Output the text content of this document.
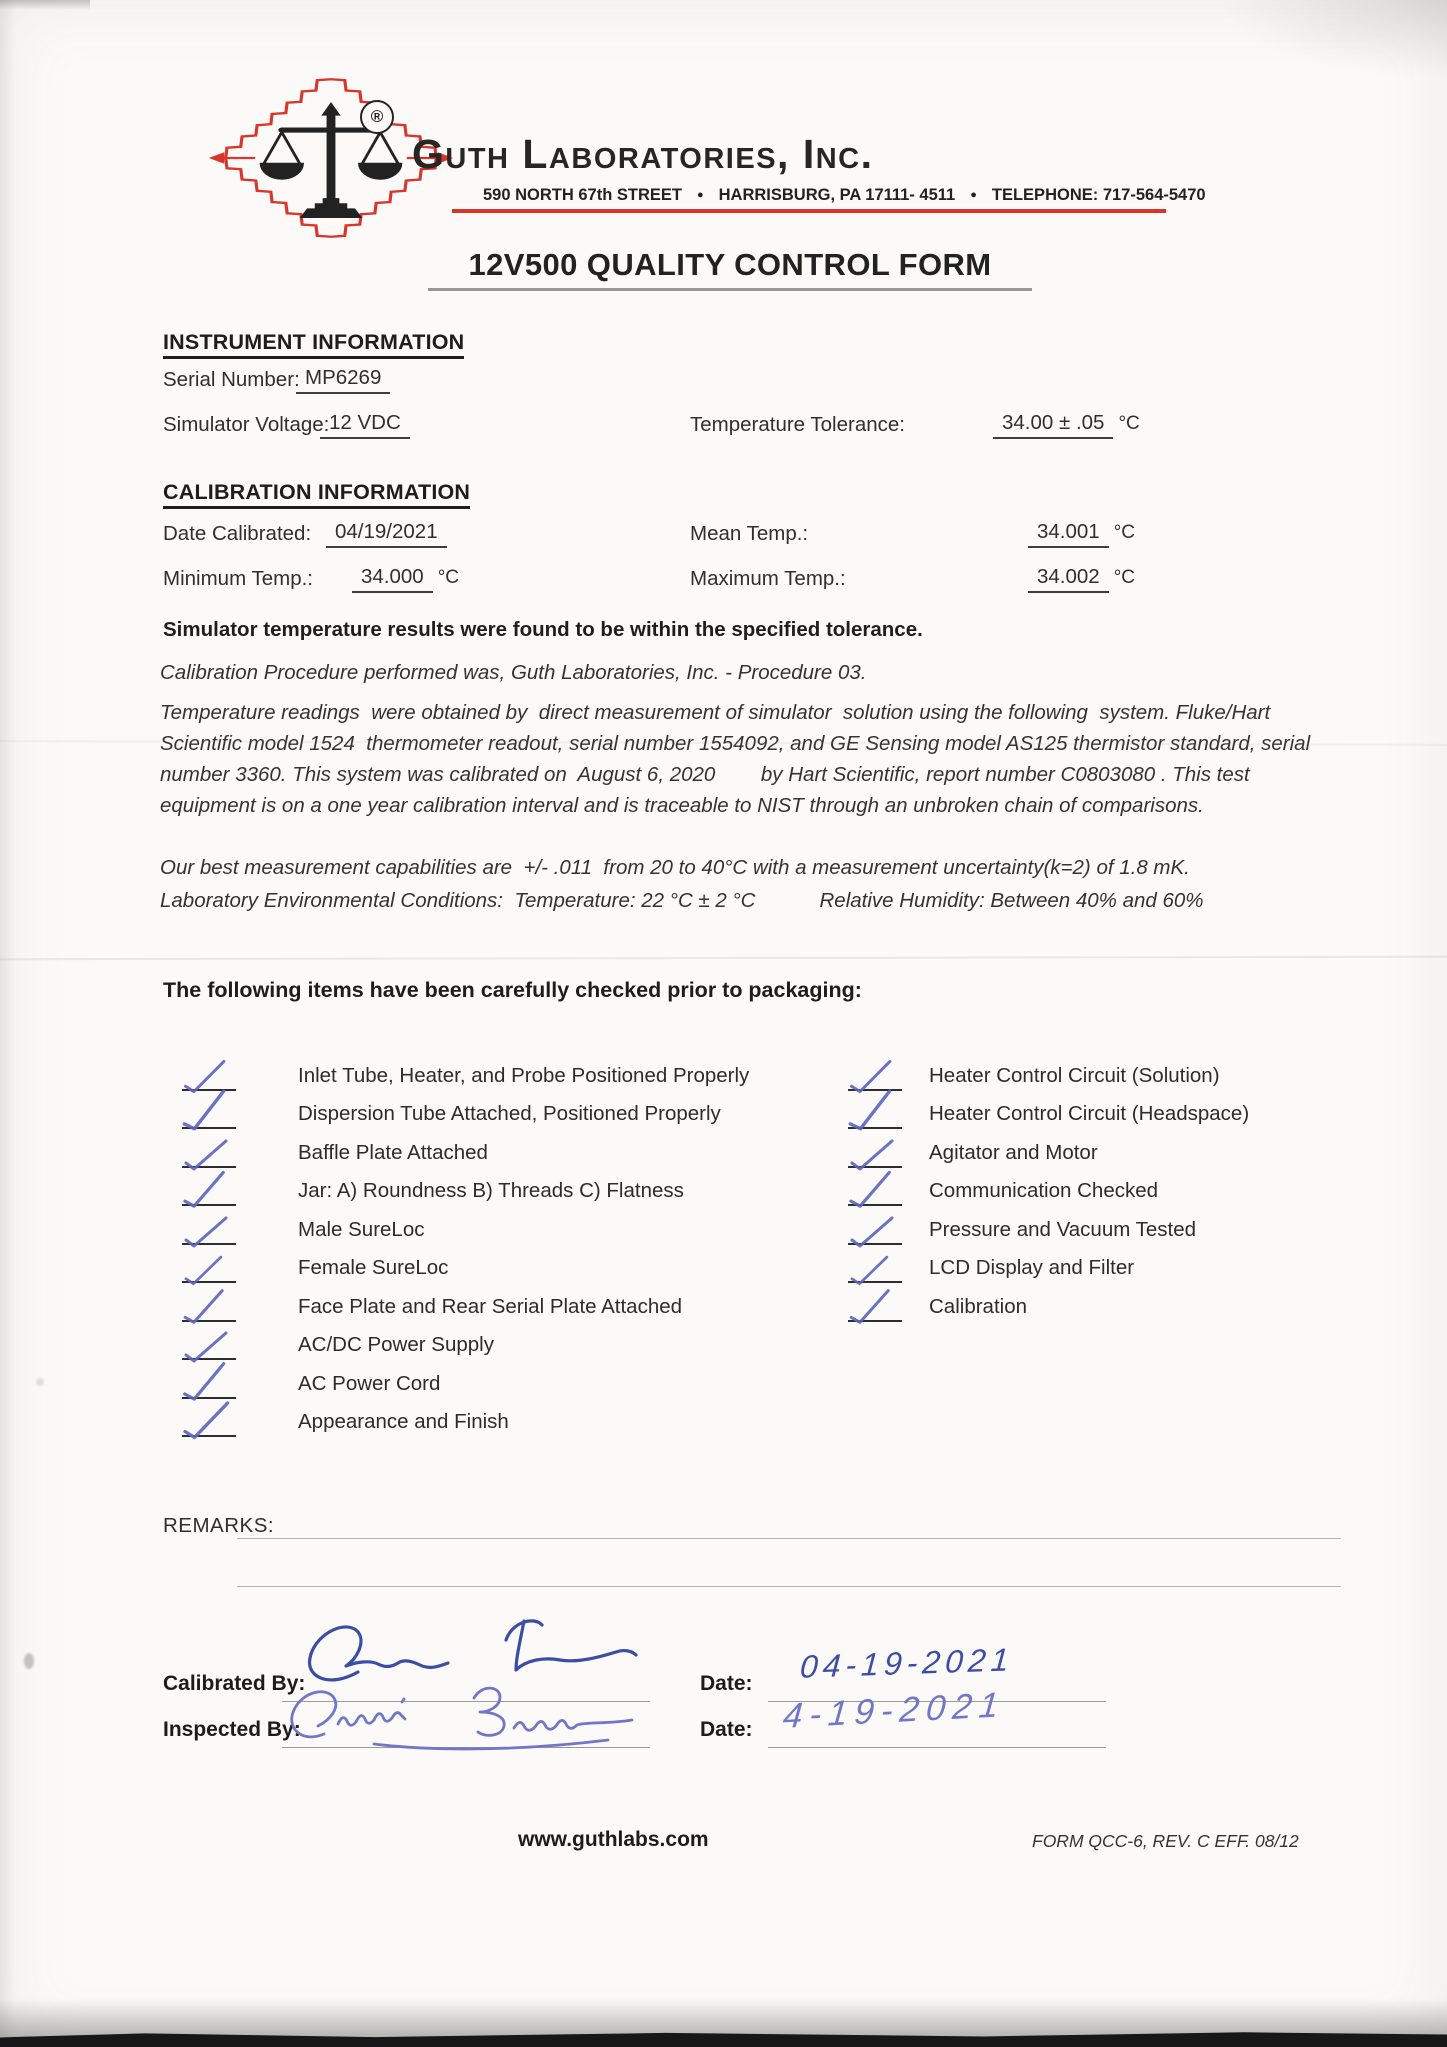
®
Guth Laboratories, Inc.
590 NORTH 67th STREET ● HARRISBURG, PA 17111- 4511 ● TELEPHONE: 717-564-5470
12V500 QUALITY CONTROL FORM
INSTRUMENT INFORMATION
Serial Number: MP6269
Simulator Voltage: 12 VDC	Temperature Tolerance:	34.00 ± .05 °C
CALIBRATION INFORMATION
Date Calibrated:	04/19/2021	Mean Temp.:	34.001 °C
Minimum Temp.:	34.000 °C	Maximum Temp.:	34.002 °C
Simulator temperature results were found to be within the specified tolerance.
Calibration Procedure performed was, Guth Laboratories, Inc. - Procedure 03.
Temperature readings  were obtained by  direct measurement of simulator  solution using the following  system. Fluke/Hart Scientific model 1524  thermometer readout, serial number 1554092, and GE Sensing model AS125 thermistor standard, serial number 3360. This system was calibrated on  August 6, 2020        by Hart Scientific, report number C0803080 . This test equipment is on a one year calibration interval and is traceable to NIST through an unbroken chain of comparisons.
Our best measurement capabilities are  +/- .011  from 20 to 40°C with a measurement uncertainty(k=2) of 1.8 mK.
Laboratory Environmental Conditions:  Temperature: 22 °C ± 2 °C	Relative Humidity: Between 40% and 60%
The following items have been carefully checked prior to packaging:
Inlet Tube, Heater, and Probe Positioned Properly
Dispersion Tube Attached, Positioned Properly
Baffle Plate Attached
Jar: A) Roundness B) Threads C) Flatness
Male SureLoc
Female SureLoc
Face Plate and Rear Serial Plate Attached
AC/DC Power Supply
AC Power Cord
Appearance and Finish
Heater Control Circuit (Solution)
Heater Control Circuit (Headspace)
Agitator and Motor
Communication Checked
Pressure and Vacuum Tested
LCD Display and Filter
Calibration
REMARKS:
Calibrated By:	Date: 04-19-2021
Inspected By:	Date: 4-19-2021
www.guthlabs.com	FORM QCC-6, REV. C EFF. 08/12
